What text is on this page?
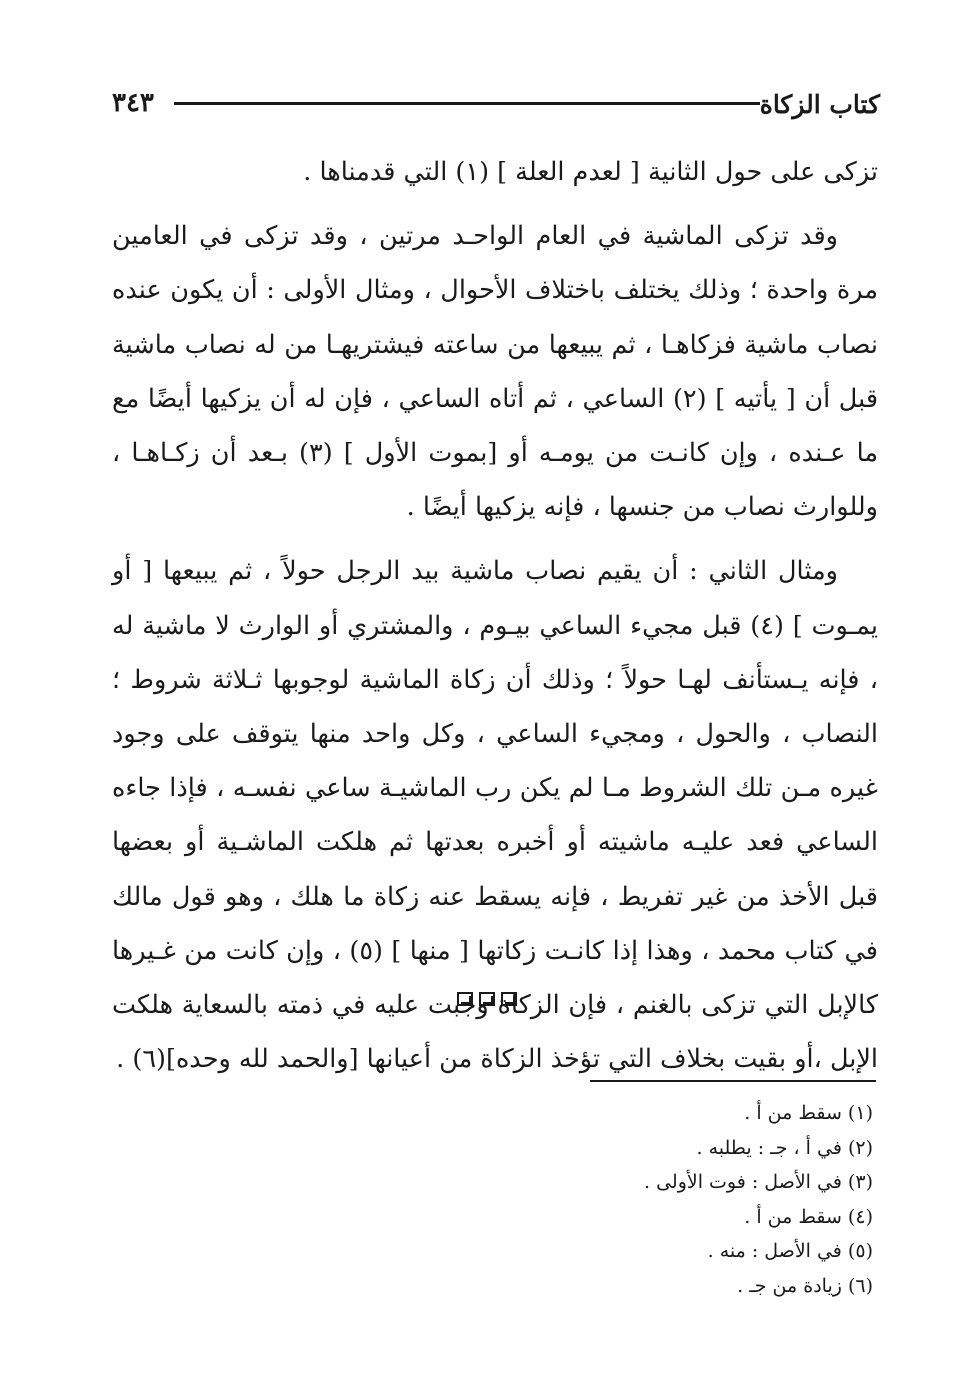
٣٤٣	كتاب الزكاة

تزكى على حول الثانية [ لعدم العلة ] (١) التي قدمناها .

وقد تزكى الماشية في العام الواحـد مرتين ، وقد تزكى في العامين مرة واحدة ؛ وذلك يختلف باختلاف الأحوال ، ومثال الأولى : أن يكون عنده نصاب ماشية فزكاهـا ، ثم يبيعها من ساعته فيشتريهـا من له نصاب ماشية قبل أن [ يأتيه ] (٢) الساعي ، ثم أتاه الساعي ، فإن له أن يزكيها أيضًا مع ما عـنده ، وإن كانـت من يومـه أو [بموت الأول ] (٣) بـعد أن زكـاهـا ، وللوارث نصاب من جنسها ، فإنه يزكيها أيضًا .

ومثال الثاني : أن يقيم نصاب ماشية بيد الرجل حولاً ، ثم يبيعها [ أو يمـوت ] (٤) قبل مجيء الساعي بيـوم ، والمشتري أو الوارث لا ماشية له ، فإنه يـستأنف لهـا حولاً ؛ وذلك أن زكاة الماشية لوجوبها ثـلاثة شروط ؛ النصاب ، والحول ، ومجيء الساعي ، وكل واحد منها يتوقف على وجود غيره مـن تلك الشروط مـا لم يكن رب الماشيـة ساعي نفسـه ، فإذا جاءه الساعي فعد عليـه ماشيته أو أخبره بعدتها ثم هلكت الماشـية أو بعضها قبل الأخذ من غير تفريط ، فإنه يسقط عنه زكاة ما هلك ، وهو قول مالك في كتاب محمد ، وهذا إذا كانـت زكاتها [ منها ] (٥) ، وإن كانت من غـيرها كالإبل التي تزكى بالغنم ، فإن الزكاة وجبت عليه في ذمته بالسعاية هلكت الإبل ،أو بقيت بخلاف التي تؤخذ الزكاة من أعيانها [والحمد لله وحده](٦) .

(١) سقط من أ .
(٢) في أ ، جـ : يطلبه .
(٣) في الأصل : فوت الأولى .
(٤) سقط من أ .
(٥) في الأصل : منه .
(٦) زيادة من جـ .
